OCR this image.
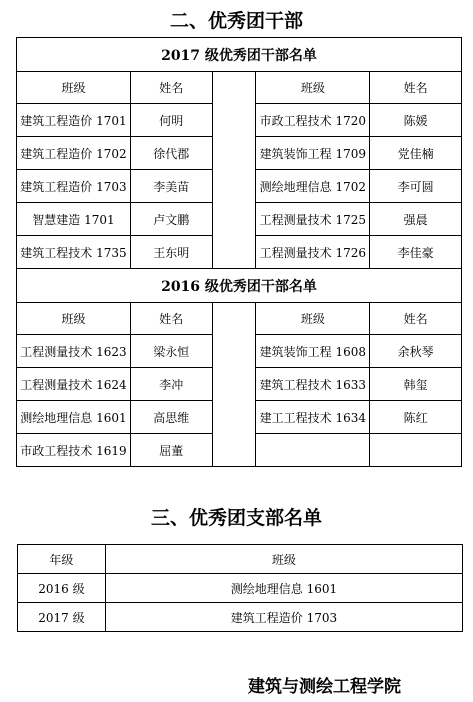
二、优秀团干部
2017 级优秀团干部名单				
班级	姓名		班级	姓名
建筑工程造价 1701	何明		市政工程技术 1720	陈媛
建筑工程造价 1702	徐代郡		建筑装饰工程 1709	党佳楠
建筑工程造价 1703	李美苗		测绘地理信息 1702	李可圆
智慧建造 1701	卢文鹏		工程测量技术 1725	强晨
建筑工程技术 1735	王东明		工程测量技术 1726	李佳豪
2016 级优秀团干部名单				
班级	姓名		班级	姓名
工程测量技术 1623	梁永恒		建筑装饰工程 1608	余秋琴
工程测量技术 1624	李冲		建筑工程技术 1633	韩玺
测绘地理信息 1601	高思维		建工工程技术 1634	陈红
市政工程技术 1619	屈董			
三、优秀团支部名单
年级	班级
2016 级	测绘地理信息 1601
2017 级	建筑工程造价 1703
建筑与测绘工程学院
